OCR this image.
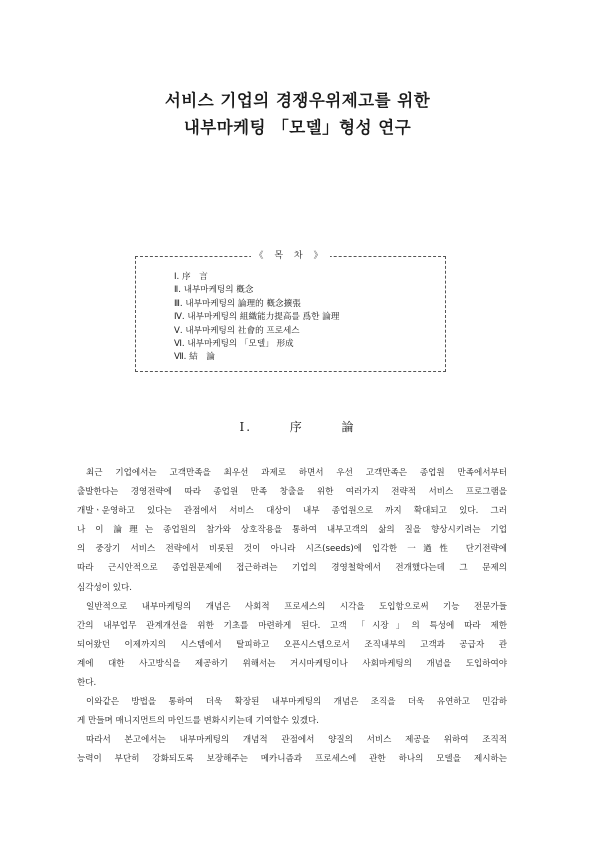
서비스 기업의 경쟁우위제고를 위한
내부마케팅 「모델」형성 연구
《 목 차 》
Ⅰ. 序　言
Ⅱ. 내부마케팅의 槪念
Ⅲ. 내부마케팅의 論理的 槪念擴張
Ⅳ. 내부마케팅의 組織能力提高를 爲한 論理
Ⅴ. 내부마케팅의 社會的 프로세스
Ⅵ. 내부마케팅의 「모델」 形成
Ⅶ. 結　論
Ⅰ.	序	論

최근 기업에서는 고객만족을 최우선 과제로 하면서 우선 고객만족은 종업원 만족에서부터
출발한다는 경영전략에 따라 종업원 만족 창출을 위한 여러가지 전략적 서비스 프로그램을
개발ㆍ운영하고 있다는 관점에서 서비스 대상이 내부 종업원으로 까지 확대되고 있다. 그러
나 이 論理는 종업원의 참가와 상호작용을 통하여 내부고객의 삶의 질을 향상시키려는 기업
의 중장기 서비스 전략에서 비롯된 것이 아니라 시즈(seeds)에 입각한 一過性 단기전략에
따라 근시안적으로 종업원문제에 접근하려는 기업의 경영철학에서 전개했다는데 그 문제의
심각성이 있다.

일반적으로 내부마케팅의 개념은 사회적 프로세스의 시각을 도입함으로써 기능 전문가들
간의 내부업무 관계개선을 위한 기초를 마련하게 된다. 고객 「시장」의 특성에 따라 제한
되어왔던 이제까지의 시스템에서 탈피하고 오픈시스템으로서 조직내부의 고객과 공급자 관
계에 대한 사고방식을 제공하기 위해서는 거시마케팅이나 사회마케팅의 개념을 도입하여야
한다.

이와같은 방법을 통하여 더욱 확장된 내부마케팅의 개념은 조직을 더욱 유연하고 민감하
게 만들며 매니지먼트의 마인드를 변화시키는데 기여할수 있겠다.

따라서 본고에서는 내부마케팅의 개념적 관점에서 양질의 서비스 제공을 위하여 조직적
능력이 부단히 강화되도록 보장해주는 메카니즘과 프로세스에 관한 하나의 모델을 제시하는
